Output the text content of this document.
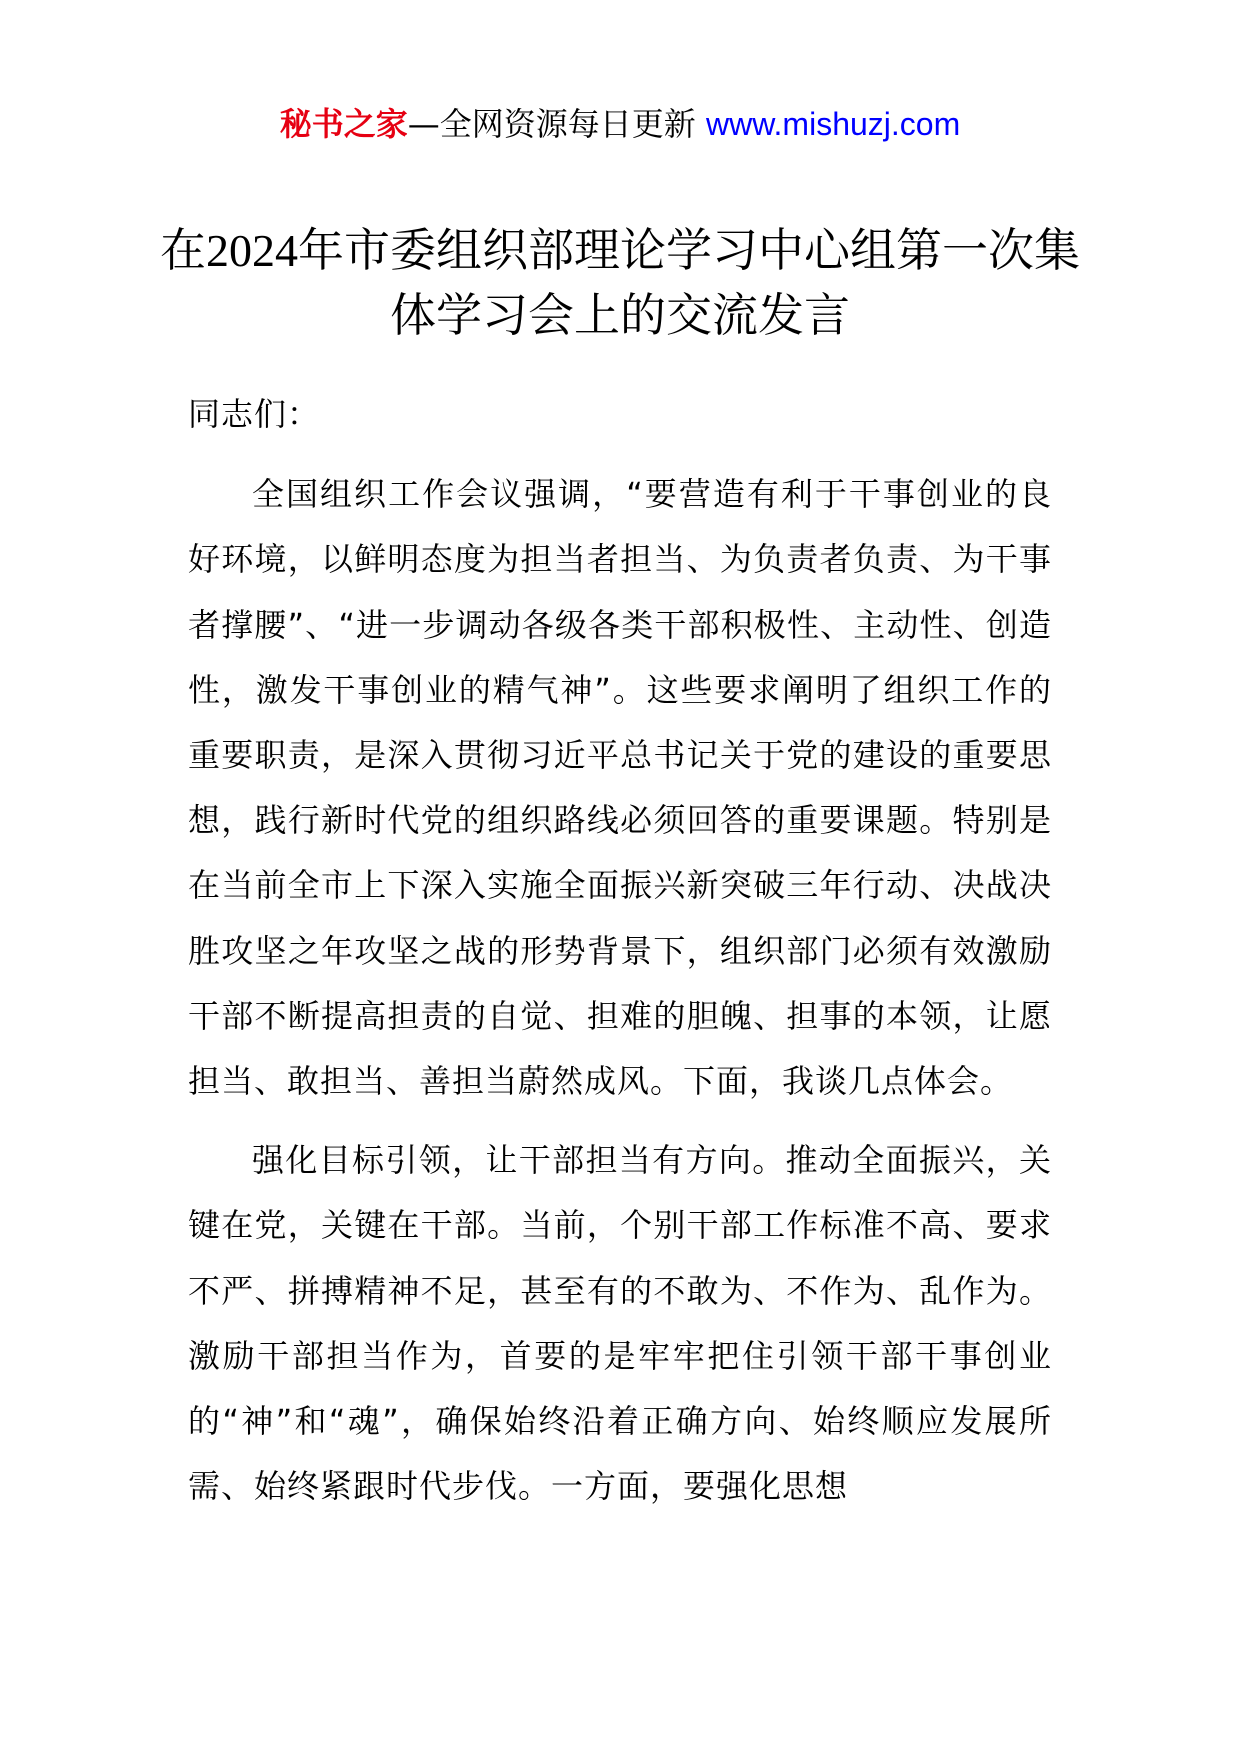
秘书之家—全网资源每日更新 www.mishuzj.com
在2024年市委组织部理论学习中心组第一次集体学习会上的交流发言

同志们：

全国组织工作会议强调，“要营造有利于干事创业的良好环境，以鲜明态度为担当者担当、为负责者负责、为干事者撑腰”、“进一步调动各级各类干部积极性、主动性、创造性，激发干事创业的精气神”。这些要求阐明了组织工作的重要职责，是深入贯彻习近平总书记关于党的建设的重要思想，践行新时代党的组织路线必须回答的重要课题。特别是在当前全市上下深入实施全面振兴新突破三年行动、决战决胜攻坚之年攻坚之战的形势背景下，组织部门必须有效激励干部不断提高担责的自觉、担难的胆魄、担事的本领，让愿担当、敢担当、善担当蔚然成风。下面，我谈几点体会。

强化目标引领，让干部担当有方向。推动全面振兴，关键在党，关键在干部。当前，个别干部工作标准不高、要求不严、拼搏精神不足，甚至有的不敢为、不作为、乱作为。激励干部担当作为，首要的是牢牢把住引领干部干事创业的“神”和“魂”，确保始终沿着正确方向、始终顺应发展所需、始终紧跟时代步伐。一方面，要强化思想
